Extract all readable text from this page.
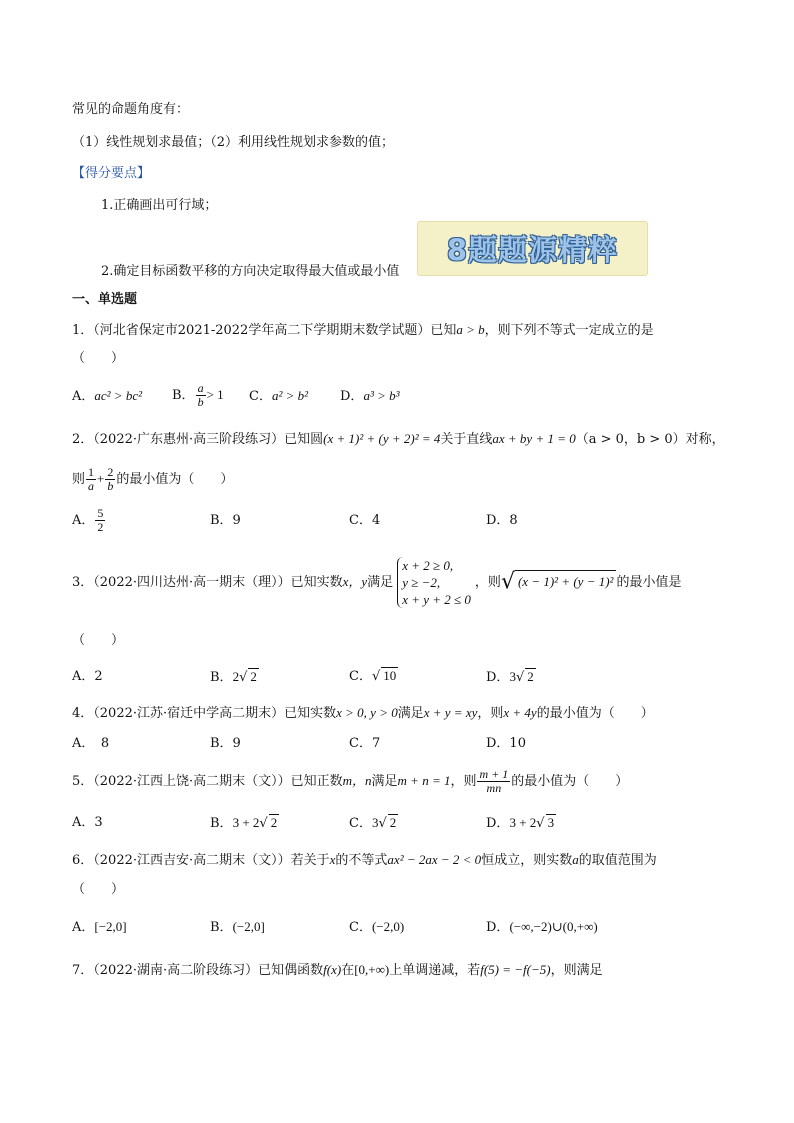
常见的命题角度有：
（1）线性规划求最值；（2）利用线性规划求参数的值；
【得分要点】
1.正确画出可行域；
2.确定目标函数平移的方向决定取得最大值或最小值
8题题源精粹
一、单选题
1．（河北省保定市2021-2022学年高二下学期期末数学试题）已知a > b，则下列不等式一定成立的是
（　　）
A．ac² > bc² B． $\frac{a}{b} > 1$ C．a² > b² D．a³ > b³
2．（2022·广东惠州·高三阶段练习）已知圆(x + 1)² + (y + 2)² = 4关于直线ax + by + 1 = 0（a > 0，b > 0）对称，
则 $\frac{1}{a} + \frac{2}{b}$ 的最小值为（　　）
A． $\frac{5}{2}$	B．9	C．4	D．8
3．（2022·四川达州·高一期末（理））已知实数x，y满足
x + 2 ≥ 0,
y ≥ −2,
x + y + 2 ≤ 0
，则√ (x − 1)² + (y − 1)² 的最小值是
（　　）
A．2	B．2√ 2	C．√ 10	D．3√ 2
4．（2022·江苏·宿迁中学高二期末）已知实数x > 0, y > 0满足x + y = xy，则x + 4y的最小值为（　　）
A．　8	B．9	C．7	D．10
5．（2022·江西上饶·高二期末（文））已知正数m，n满足m + n = 1，则 $\frac{m + 1}{mn}$ 的最小值为（　　）
A．3	B．3 + 2√ 2	C．3√ 2	D．3 + 2√ 3
6．（2022·江西吉安·高二期末（文））若关于x的不等式ax² − 2ax − 2 < 0恒成立，则实数a的取值范围为
（　　）
A．[−2,0]	B．(−2,0]	C．(−2,0)	D．(−∞,−2)∪(0,+∞)
7．（2022·湖南·高二阶段练习）已知偶函数f(x)在[0,+∞)上单调递减，若f(5) = −f(−5)，则满足
